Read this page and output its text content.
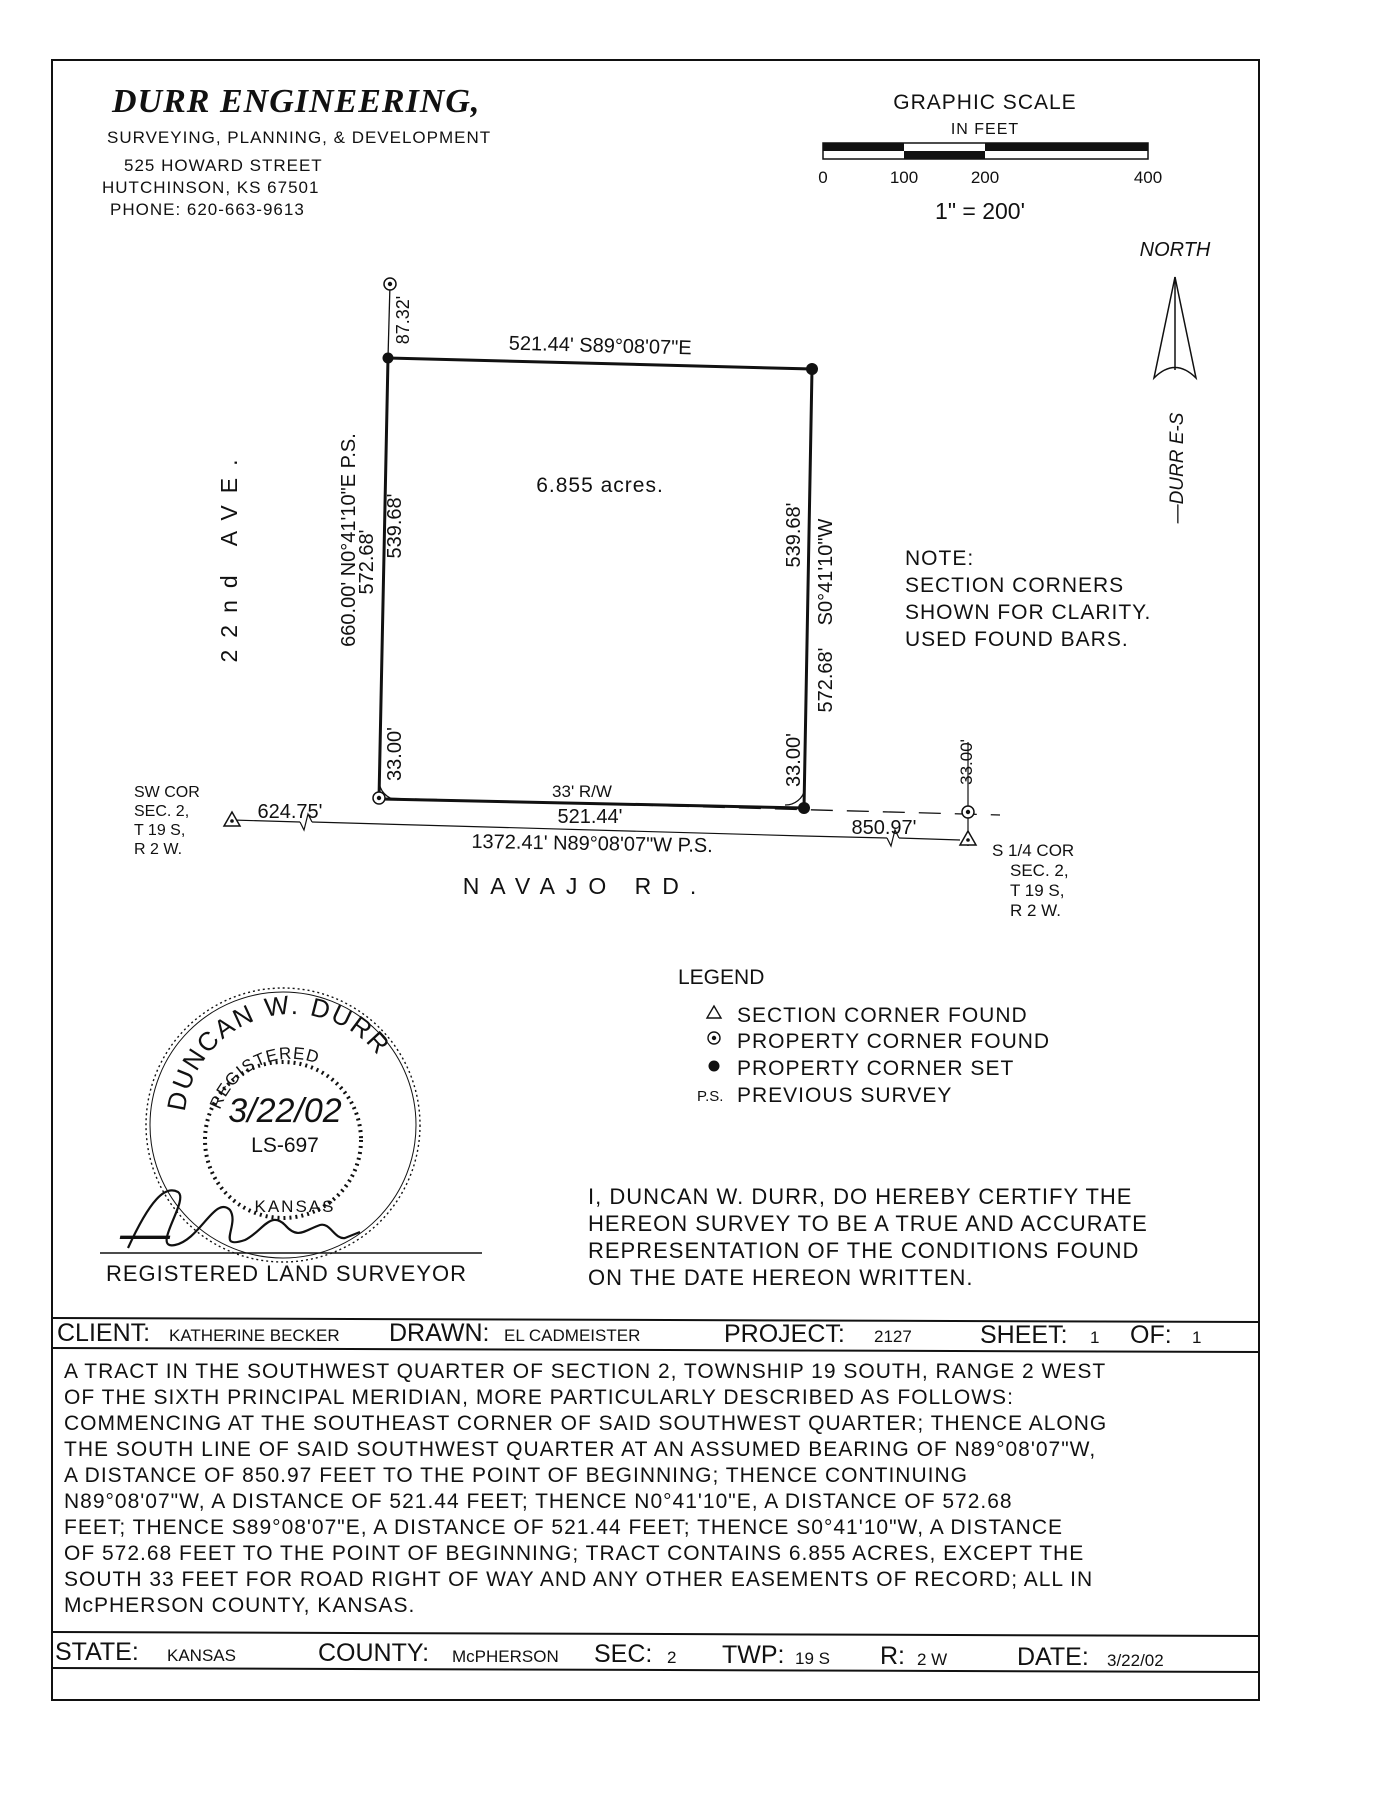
DURR ENGINEERING,
SURVEYING, PLANNING, & DEVELOPMENT
525 HOWARD STREET
HUTCHINSON, KS 67501
PHONE: 620-663-9613
GRAPHIC SCALE
IN FEET
0	100	200	400
1" = 200'
NORTH
—DURR E-S
6.855 acres.
521.44' S89°08'07"E
87.32'
660.00' N0°41'10"E P.S.
572.68'
539.68'
33.00'
539.68' S0°41'10"W
572.68'
33.00'
33' R/W
521.44'
624.75'
850.97'
33.00'
1372.41' N89°08'07"W P.S.
22nd AVE.
NAVAJO RD.
SW COR
SEC. 2,
T 19 S,
R 2 W.	S 1/4 COR
SEC. 2,
T 19 S,
R 2 W.
NOTE:
SECTION CORNERS
SHOWN FOR CLARITY.
USED FOUND BARS.
LEGEND
SECTION CORNER FOUND
PROPERTY CORNER FOUND
PROPERTY CORNER SET
P.S. PREVIOUS SURVEY
DUNCAN W. DURR
REGISTERED
3/22/02
LS-697
KANSAS
—
REGISTERED LAND SURVEYOR
I, DUNCAN W. DURR, DO HEREBY CERTIFY THE
HEREON SURVEY TO BE A TRUE AND ACCURATE
REPRESENTATION OF THE CONDITIONS FOUND
ON THE DATE HEREON WRITTEN.
CLIENT: KATHERINE BECKER DRAWN: EL CADMEISTER	PROJECT: 2127	SHEET: 1 OF: 1
A TRACT IN THE SOUTHWEST QUARTER OF SECTION 2, TOWNSHIP 19 SOUTH, RANGE 2 WEST
OF THE SIXTH PRINCIPAL MERIDIAN, MORE PARTICULARLY DESCRIBED AS FOLLOWS:
COMMENCING AT THE SOUTHEAST CORNER OF SAID SOUTHWEST QUARTER; THENCE ALONG
THE SOUTH LINE OF SAID SOUTHWEST QUARTER AT AN ASSUMED BEARING OF N89°08'07"W,
A DISTANCE OF 850.97 FEET TO THE POINT OF BEGINNING; THENCE CONTINUING
N89°08'07"W, A DISTANCE OF 521.44 FEET; THENCE N0°41'10"E, A DISTANCE OF 572.68
FEET; THENCE S89°08'07"E, A DISTANCE OF 521.44 FEET; THENCE S0°41'10"W, A DISTANCE
OF 572.68 FEET TO THE POINT OF BEGINNING; TRACT CONTAINS 6.855 ACRES, EXCEPT THE
SOUTH 33 FEET FOR ROAD RIGHT OF WAY AND ANY OTHER EASEMENTS OF RECORD; ALL IN
McPHERSON COUNTY, KANSAS.
STATE: KANSAS	COUNTY: McPHERSON SEC: 2 TWP: 19 S R: 2 W	DATE: 3/22/02
